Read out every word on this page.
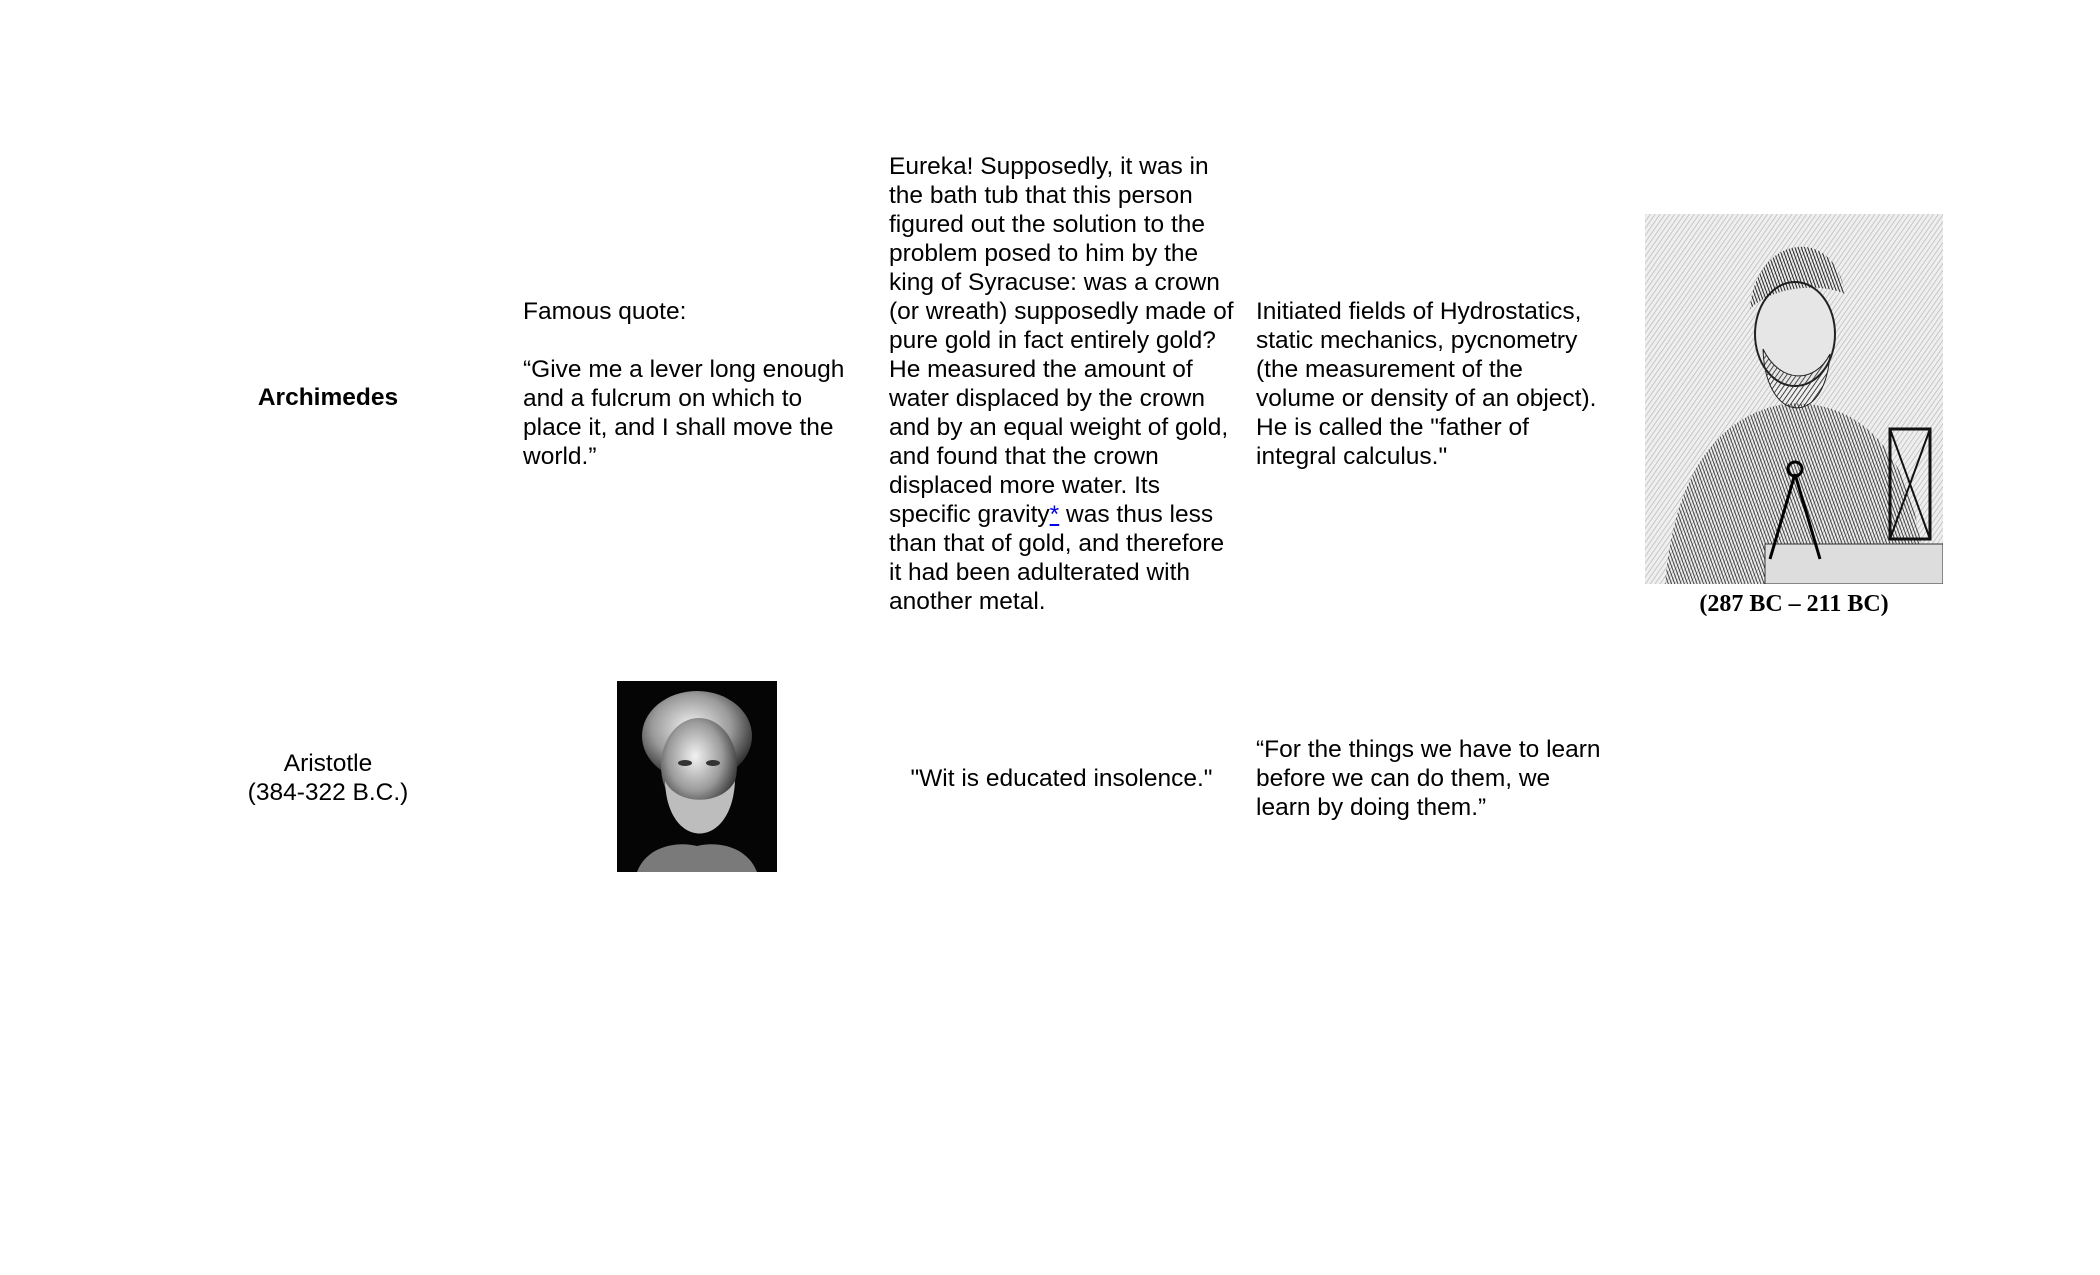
Archimedes
Famous quote:
“Give me a lever long enough and a fulcrum on which to place it, and I shall move the world.”
Eureka! Supposedly, it was in the bath tub that this person figured out the solution to the problem posed to him by the king of Syracuse: was a crown (or wreath) supposedly made of pure gold in fact entirely gold? He measured the amount of water displaced by the crown and by an equal weight of gold, and found that the crown displaced more water. Its specific gravity* was thus less than that of gold, and therefore it had been adulterated with another metal.
Initiated fields of Hydrostatics, static mechanics, pycnometry (the measurement of the volume or density of an object). He is called the "father of integral calculus."
(287 BC – 211 BC)
Aristotle
(384-322 B.C.)
"Wit is educated insolence."
“For the things we have to learn before we can do them, we learn by doing them.”
